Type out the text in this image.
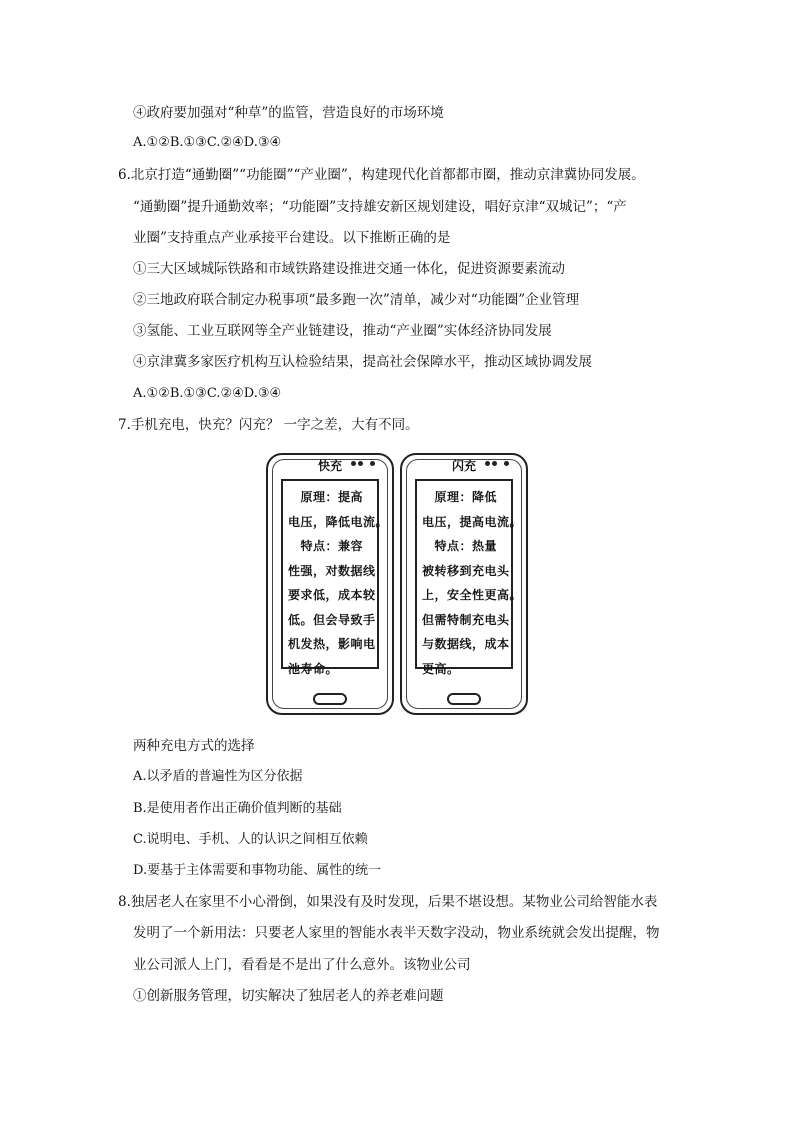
④政府要加强对“种草”的监管，营造良好的市场环境
A.①②B.①③C.②④D.③④
6.北京打造“通勤圈”“功能圈”“产业圈”，构建现代化首都都市圈，推动京津冀协同发展。
“通勤圈”提升通勤效率；“功能圈”支持雄安新区规划建设，唱好京津“双城记”；“产
业圈”支持重点产业承接平台建设。以下推断正确的是
①三大区域城际铁路和市域铁路建设推进交通一体化，促进资源要素流动
②三地政府联合制定办税事项“最多跑一次”清单，减少对“功能圈”企业管理
③氢能、工业互联网等全产业链建设，推动“产业圈”实体经济协同发展
④京津冀多家医疗机构互认检验结果，提高社会保障水平，推动区域协调发展
A.①②B.①③C.②④D.③④
7.手机充电，快充？闪充？ 一字之差，大有不同。
快充
　原理：提高
电压，降低电流。
　特点：兼容
性强，对数据线
要求低，成本较
低。但会导致手
机发热，影响电
池寿命。
闪充
　原理：降低
电压，提高电流。
　特点：热量
被转移到充电头
上，安全性更高。
但需特制充电头
与数据线，成本
更高。
两种充电方式的选择
A.以矛盾的普遍性为区分依据
B.是使用者作出正确价值判断的基础
C.说明电、手机、人的认识之间相互依赖
D.要基于主体需要和事物功能、属性的统一
8.独居老人在家里不小心滑倒，如果没有及时发现，后果不堪设想。某物业公司给智能水表
发明了一个新用法：只要老人家里的智能水表半天数字没动，物业系统就会发出提醒，物
业公司派人上门，看看是不是出了什么意外。该物业公司
①创新服务管理，切实解决了独居老人的养老难问题
